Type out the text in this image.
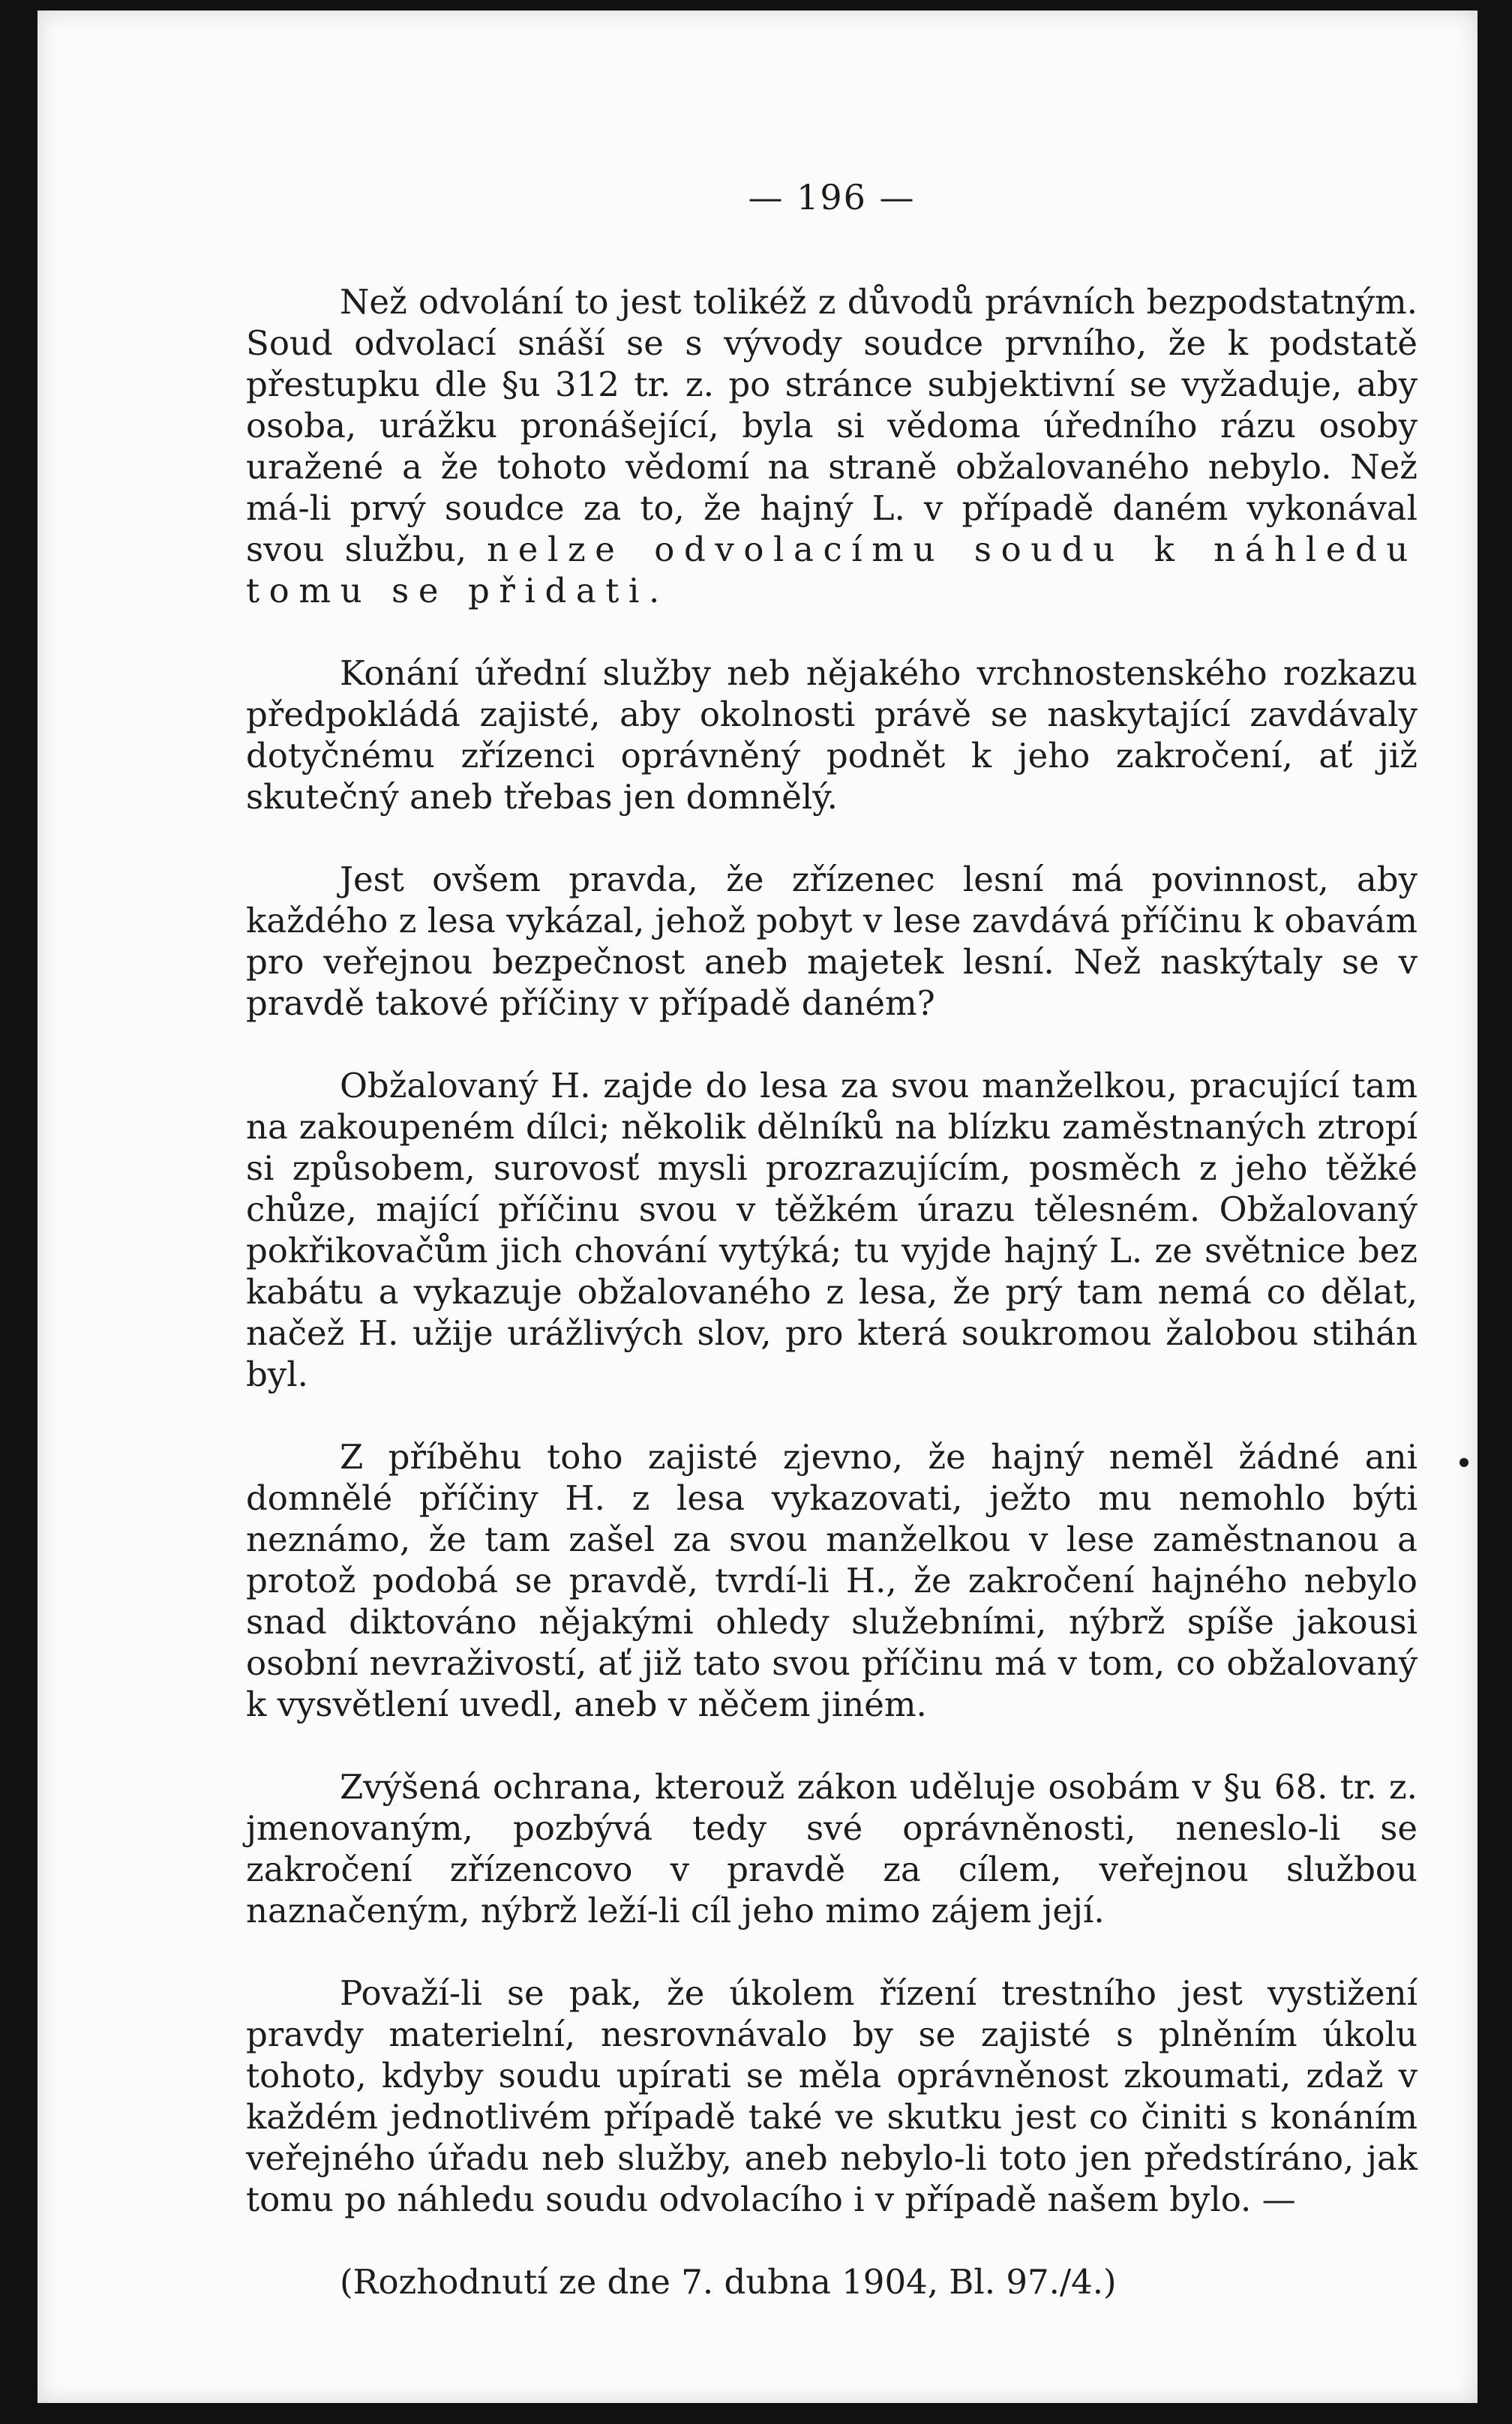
— 196 —

Než odvolání to jest tolikéž z důvodů právních bezpodstatným. Soud odvolací snáší se s vývody soudce prvního, že k podstatě přestupku dle §u 312 tr. z. po stránce subjektivní se vyžaduje, aby osoba, urážku pronášející, byla si vědoma úředního rázu osoby uražené a že tohoto vědomí na straně obžalovaného nebylo. Než má-li prvý soudce za to, že hajný L. v případě daném vykonával svou službu, nelze odvolacímu soudu k náhledu tomu se přidati.

Konání úřední služby neb nějakého vrchnostenského rozkazu předpokládá zajisté, aby okolnosti právě se naskytající zavdávaly dotyčnému zřízenci oprávněný podnět k jeho zakročení, ať již skutečný aneb třebas jen domnělý.

Jest ovšem pravda, že zřízenec lesní má povinnost, aby každého z lesa vykázal, jehož pobyt v lese zavdává příčinu k obavám pro veřejnou bezpečnost aneb majetek lesní. Než naskýtaly se v pravdě takové příčiny v případě daném?

Obžalovaný H. zajde do lesa za svou manželkou, pracující tam na zakoupeném dílci; několik dělníků na blízku zaměstnaných ztropí si způsobem, surovosť mysli prozrazujícím, posměch z jeho těžké chůze, mající příčinu svou v těžkém úrazu tělesném. Obžalovaný pokřikovačům jich chování vytýká; tu vyjde hajný L. ze světnice bez kabátu a vykazuje obžalovaného z lesa, že prý tam nemá co dělat, načež H. užije urážlivých slov, pro která soukromou žalobou stihán byl.

Z příběhu toho zajisté zjevno, že hajný neměl žádné ani domnělé příčiny H. z lesa vykazovati, ježto mu nemohlo býti neznámo, že tam zašel za svou manželkou v lese zaměstnanou a protož podobá se pravdě, tvrdí-li H., že zakročení hajného nebylo snad diktováno nějakými ohledy služebními, nýbrž spíše jakousi osobní nevraživostí, ať již tato svou příčinu má v tom, co obžalovaný k vysvětlení uvedl, aneb v něčem jiném.

Zvýšená ochrana, kterouž zákon uděluje osobám v §u 68. tr. z. jmenovaným, pozbývá tedy své oprávněnosti, neneslo-li se zakročení zřízencovo v pravdě za cílem, veřejnou službou naznačeným, nýbrž leží-li cíl jeho mimo zájem její.

Považí-li se pak, že úkolem řízení trestního jest vystižení pravdy materielní, nesrovnávalo by se zajisté s plněním úkolu tohoto, kdyby soudu upírati se měla oprávněnost zkoumati, zdaž v každém jednotlivém případě také ve skutku jest co činiti s konáním veřejného úřadu neb služby, aneb nebylo-li toto jen předstíráno, jak tomu po náhledu soudu odvolacího i v případě našem bylo. —

(Rozhodnutí ze dne 7. dubna 1904, Bl. 97./4.)
